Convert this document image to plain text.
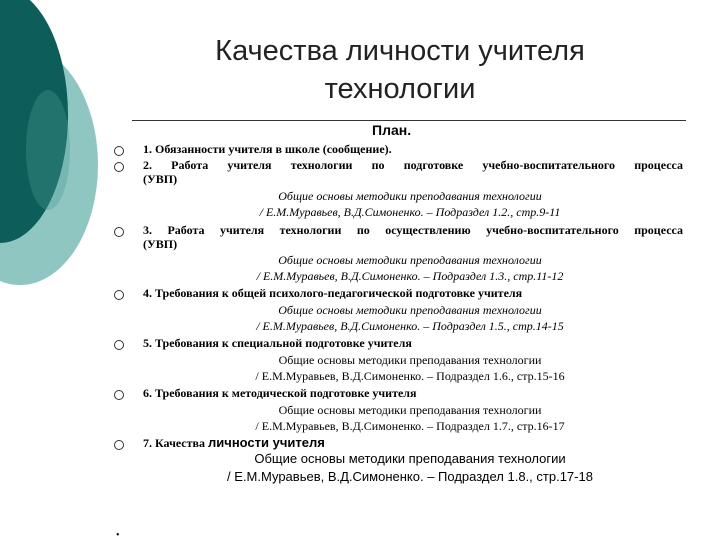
Качества личности учителя
технологии
План.
1. Обязанности учителя в школе (сообщение).
2. Работа учителя технологии по подготовке учебно-воспитательного процесса
(УВП)
Общие основы методики преподавания технологии
/ Е.М.Муравьев, В.Д.Симоненко. – Подраздел 1.2., стр.9-11
3. Работа учителя технологии по осуществлению учебно-воспитательного процесса
(УВП)
Общие основы методики преподавания технологии
/ Е.М.Муравьев, В.Д.Симоненко. – Подраздел 1.3., стр.11-12
4. Требования к общей психолого-педагогической подготовке учителя
Общие основы методики преподавания технологии
/ Е.М.Муравьев, В.Д.Симоненко. – Подраздел 1.5., стр.14-15
5. Требования к специальной подготовке учителя
Общие основы методики преподавания технологии
/ Е.М.Муравьев, В.Д.Симоненко. – Подраздел 1.6., стр.15-16
6. Требования к методической подготовке учителя
Общие основы методики преподавания технологии
/ Е.М.Муравьев, В.Д.Симоненко. – Подраздел 1.7., стр.16-17
7. Качества личности учителя
Общие основы методики преподавания технологии
/ Е.М.Муравьев, В.Д.Симоненко. – Подраздел 1.8., стр.17-18
•
